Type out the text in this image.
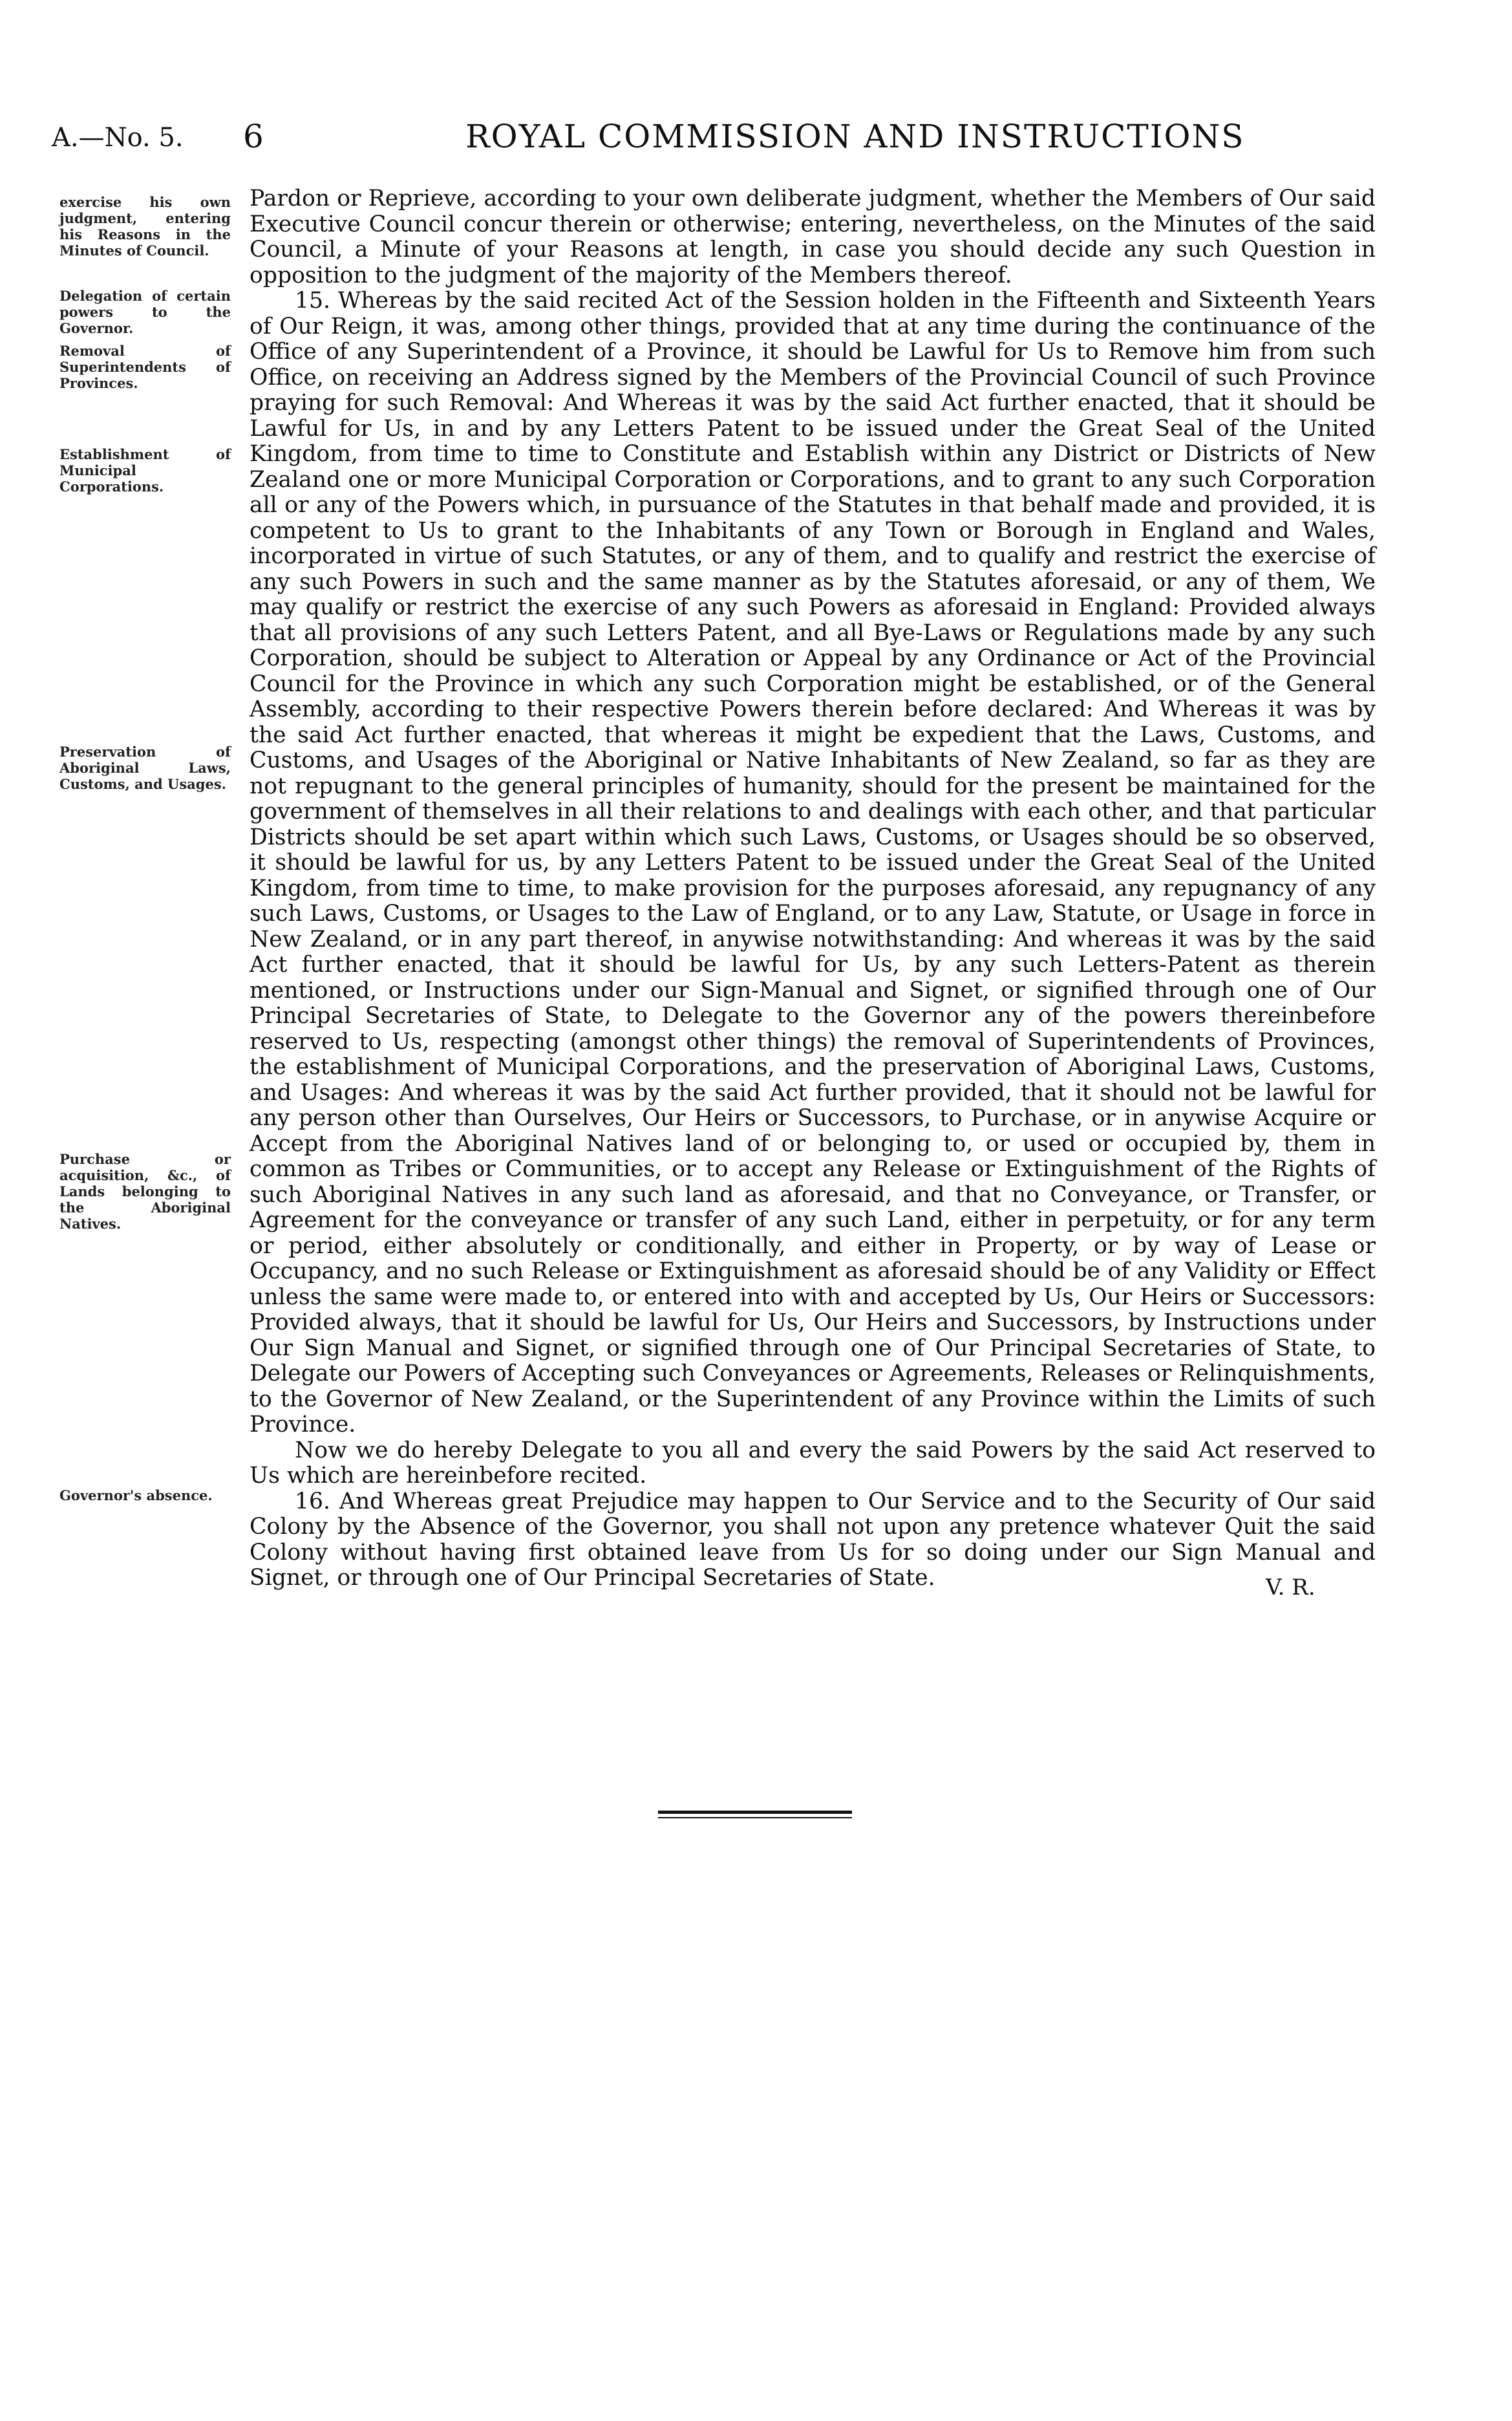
A.—No. 5. 6	ROYAL COMMISSION AND INSTRUCTIONS
exercise his own judgment, entering his Reasons in the Minutes of Council.
Delegation of certain powers to the Governor.
Removal of Superintendents of Provinces.
Establishment of Municipal Corporations.
Preservation of Aboriginal Laws, Customs, and Usages.
Purchase or acquisition, &c., of Lands belonging to the Aboriginal Natives.
Governor's absence.

Pardon or Reprieve, according to your own deliberate judgment, whether the Members of Our said Executive Council concur therein or otherwise; entering, nevertheless, on the Minutes of the said Council, a Minute of your Reasons at length, in case you should decide any such Question in opposition to the judgment of the majority of the Members thereof.

15. Whereas by the said recited Act of the Session holden in the Fifteenth and Sixteenth Years of Our Reign, it was, among other things, provided that at any time during the continuance of the Office of any Superintendent of a Province, it should be Lawful for Us to Remove him from such Office, on receiving an Address signed by the Members of the Provincial Council of such Province praying for such Removal: And Whereas it was by the said Act further enacted, that it should be Lawful for Us, in and by any Letters Patent to be issued under the Great Seal of the United Kingdom, from time to time to Constitute and Establish within any District or Districts of New Zealand one or more Municipal Corporation or Corporations, and to grant to any such Corporation all or any of the Powers which, in pursuance of the Statutes in that behalf made and provided, it is competent to Us to grant to the Inhabitants of any Town or Borough in England and Wales, incorporated in virtue of such Statutes, or any of them, and to qualify and restrict the exercise of any such Powers in such and the same manner as by the Statutes aforesaid, or any of them, We may qualify or restrict the exercise of any such Powers as aforesaid in England: Provided always that all provisions of any such Letters Patent, and all Bye-Laws or Regulations made by any such Corporation, should be subject to Alteration or Appeal by any Ordinance or Act of the Provincial Council for the Province in which any such Corporation might be established, or of the General Assembly, according to their respective Powers therein before declared: And Whereas it was by the said Act further enacted, that whereas it might be expedient that the Laws, Customs, and Customs, and Usages of the Aboriginal or Native Inhabitants of New Zealand, so far as they are not repugnant to the general principles of humanity, should for the present be maintained for the government of themselves in all their relations to and dealings with each other, and that particular Districts should be set apart within which such Laws, Customs, or Usages should be so observed, it should be lawful for us, by any Letters Patent to be issued under the Great Seal of the United Kingdom, from time to time, to make provision for the purposes aforesaid, any repugnancy of any such Laws, Customs, or Usages to the Law of England, or to any Law, Statute, or Usage in force in New Zealand, or in any part thereof, in anywise notwithstanding: And whereas it was by the said Act further enacted, that it should be lawful for Us, by any such Letters-Patent as therein mentioned, or Instructions under our Sign-Manual and Signet, or signified through one of Our Principal Secretaries of State, to Delegate to the Governor any of the powers thereinbefore reserved to Us, respecting (amongst other things) the removal of Superintendents of Provinces, the establishment of Municipal Corporations, and the preservation of Aboriginal Laws, Customs, and Usages: And whereas it was by the said Act further provided, that it should not be lawful for any person other than Ourselves, Our Heirs or Successors, to Purchase, or in anywise Acquire or Accept from the Aboriginal Natives land of or belonging to, or used or occupied by, them in common as Tribes or Communities, or to accept any Release or Extinguishment of the Rights of such Aboriginal Natives in any such land as aforesaid, and that no Conveyance, or Transfer, or Agreement for the conveyance or transfer of any such Land, either in perpetuity, or for any term or period, either absolutely or conditionally, and either in Property, or by way of Lease or Occupancy, and no such Release or Extinguishment as aforesaid should be of any Validity or Effect unless the same were made to, or entered into with and accepted by Us, Our Heirs or Successors: Provided always, that it should be lawful for Us, Our Heirs and Successors, by Instructions under Our Sign Manual and Signet, or signified through one of Our Principal Secretaries of State, to Delegate our Powers of Accepting such Conveyances or Agreements, Releases or Relinquishments, to the Governor of New Zealand, or the Superintendent of any Province within the Limits of such Province.

Now we do hereby Delegate to you all and every the said Powers by the said Act reserved to Us which are hereinbefore recited.

16. And Whereas great Prejudice may happen to Our Service and to the Security of Our said Colony by the Absence of the Governor, you shall not upon any pretence whatever Quit the said Colony without having first obtained leave from Us for so doing under our Sign Manual and Signet, or through one of Our Principal Secretaries of State.	V. R.
